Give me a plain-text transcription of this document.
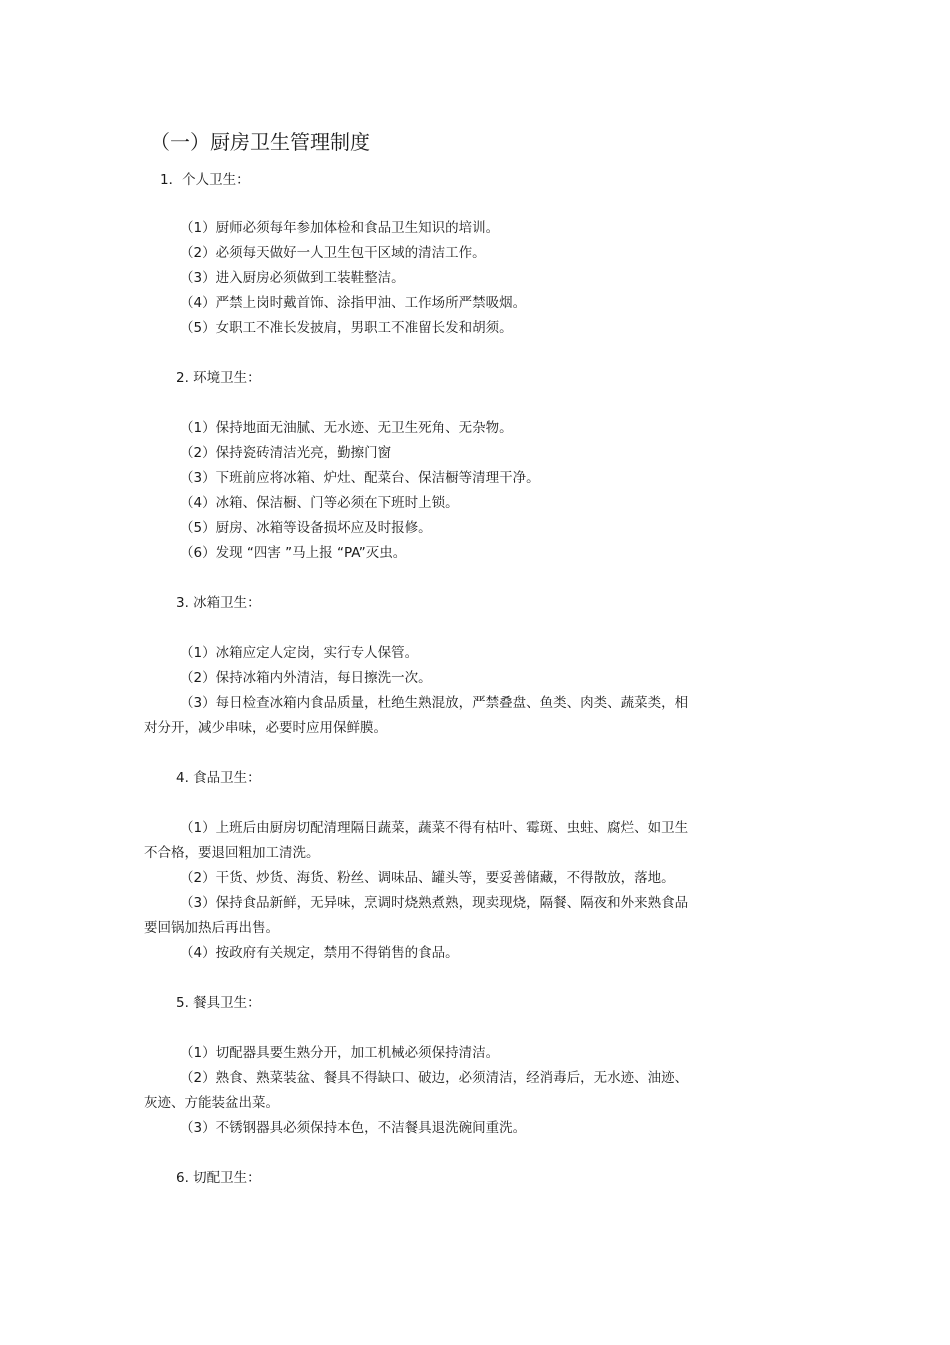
（一）厨房卫生管理制度

1．个人卫生：

（1）厨师必须每年参加体检和食品卫生知识的培训。

（2）必须每天做好一人卫生包干区域的清洁工作。

（3）进入厨房必须做到工装鞋整洁。

（4）严禁上岗时戴首饰、涂指甲油、工作场所严禁吸烟。

（5）女职工不准长发披肩，男职工不准留长发和胡须。

2. 环境卫生：

（1）保持地面无油腻、无水迹、无卫生死角、无杂物。

（2）保持瓷砖清洁光亮，勤擦门窗

（3）下班前应将冰箱、炉灶、配菜台、保洁橱等清理干净。

（4）冰箱、保洁橱、门等必须在下班时上锁。

（5）厨房、冰箱等设备损坏应及时报修。

（6）发现 “四害 ”马上报 “PA”灭虫。

3. 冰箱卫生：

（1）冰箱应定人定岗，实行专人保管。

（2）保持冰箱内外清洁，每日擦洗一次。

（3）每日检查冰箱内食品质量，杜绝生熟混放，严禁叠盘、鱼类、肉类、蔬菜类，相

对分开，减少串味，必要时应用保鲜膜。

4. 食品卫生：

（1）上班后由厨房切配清理隔日蔬菜，蔬菜不得有枯叶、霉斑、虫蛀、腐烂、如卫生

不合格，要退回粗加工清洗。

（2）干货、炒货、海货、粉丝、调味品、罐头等，要妥善储藏，不得散放，落地。

（3）保持食品新鲜，无异味，烹调时烧熟煮熟，现卖现烧，隔餐、隔夜和外来熟食品

要回锅加热后再出售。

（4）按政府有关规定，禁用不得销售的食品。

5. 餐具卫生：

（1）切配器具要生熟分开，加工机械必须保持清洁。

（2）熟食、熟菜装盆、餐具不得缺口、破边，必须清洁，经消毒后，无水迹、油迹、

灰迹、方能装盆出菜。

（3）不锈钢器具必须保持本色，不洁餐具退洗碗间重洗。

6. 切配卫生：
